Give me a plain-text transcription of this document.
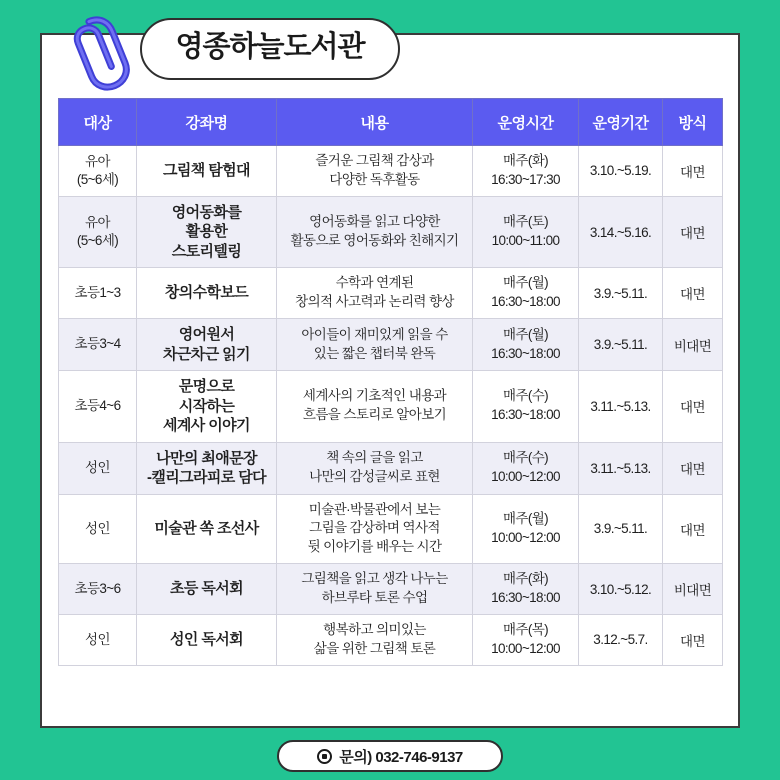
영종하늘도서관
대상	강좌명	내용	운영시간	운영기간	방식
유아
(5~6세)	그림책 탐험대	즐거운 그림책 감상과
다양한 독후활동	매주(화)
16:30~17:30	3.10.~5.19.	대면
유아
(5~6세)	영어동화를
활용한
스토리텔링	영어동화를 읽고 다양한
활동으로 영어동화와 친해지기	매주(토)
10:00~11:00	3.14.~5.16.	대면
초등1~3	창의수학보드	수학과 연계된
창의적 사고력과 논리력 향상	매주(월)
16:30~18:00	3.9.~5.11.	대면
초등3~4	영어원서
차근차근 읽기	아이들이 재미있게 읽을 수
있는 짧은 챕터북 완독	매주(월)
16:30~18:00	3.9.~5.11.	비대면
초등4~6	문명으로
시작하는
세계사 이야기	세계사의 기초적인 내용과
흐름을 스토리로 알아보기	매주(수)
16:30~18:00	3.11.~5.13.	대면
성인	나만의 최애문장
-캘리그라피로 담다	책 속의 글을 읽고
나만의 감성글씨로 표현	매주(수)
10:00~12:00	3.11.~5.13.	대면
성인	미술관 쏙 조선사	미술관·박물관에서 보는
그림을 감상하며 역사적
뒷 이야기를 배우는 시간	매주(월)
10:00~12:00	3.9.~5.11.	대면
초등3~6	초등 독서회	그림책을 읽고 생각 나누는
하브루타 토론 수업	매주(화)
16:30~18:00	3.10.~5.12.	비대면
성인	성인 독서회	행복하고 의미있는
삶을 위한 그림책 토론	매주(목)
10:00~12:00	3.12.~5.7.	대면
문의) 032-746-9137
